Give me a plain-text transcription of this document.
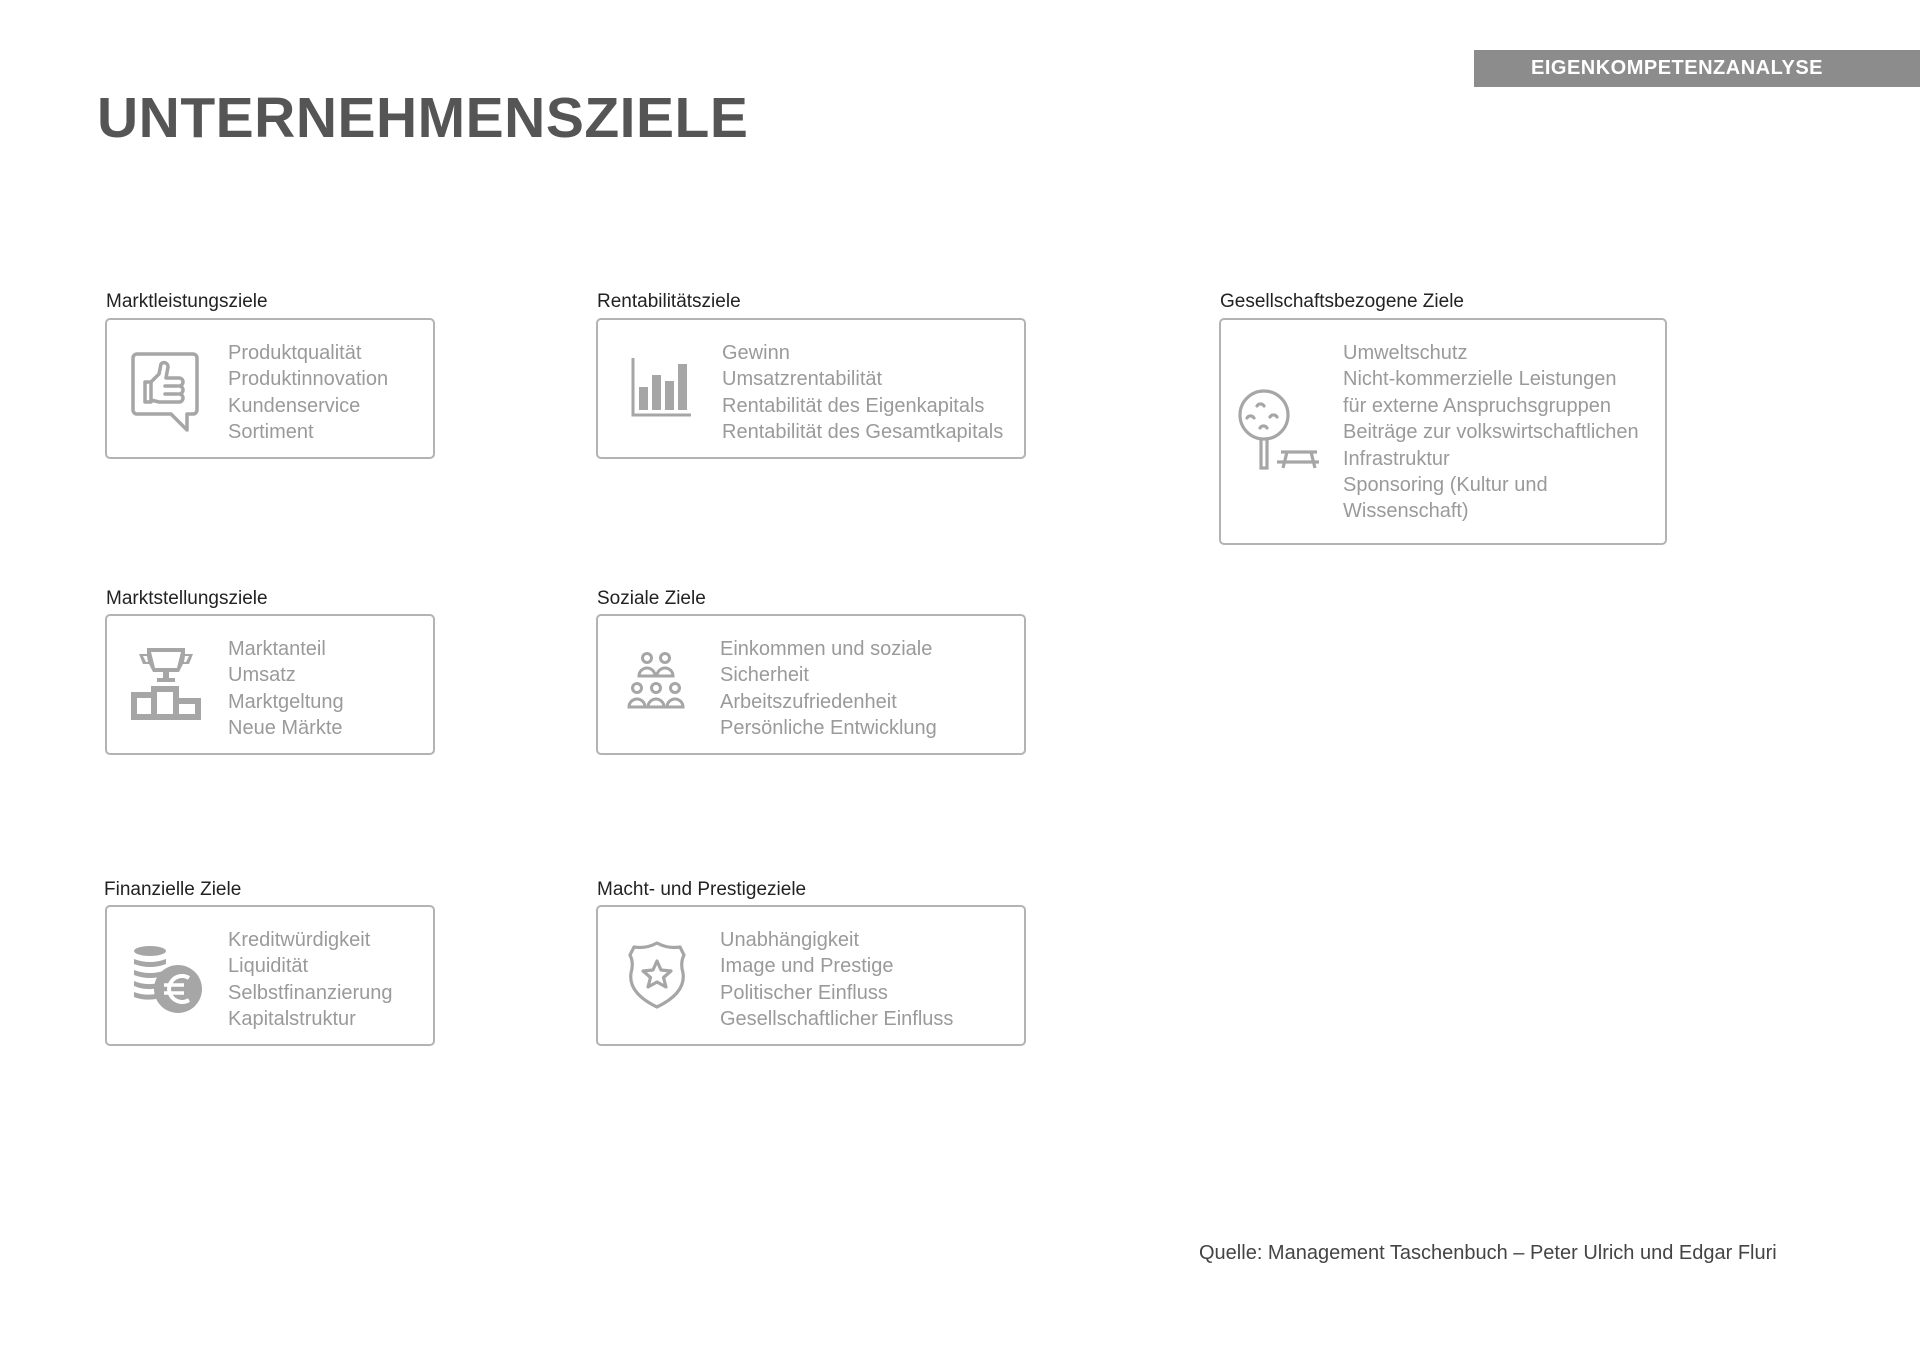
EIGENKOMPETENZANALYSE
UNTERNEHMENSZIELE
Marktleistungsziele
Produktqualität
Produktinnovation
Kundenservice
Sortiment
Rentabilitätsziele
Gewinn
Umsatzrentabilität
Rentabilität des Eigenkapitals
Rentabilität des Gesamtkapitals
Gesellschaftsbezogene Ziele
Umweltschutz
Nicht-kommerzielle Leistungen
für externe Anspruchsgruppen
Beiträge zur volkswirtschaftlichen
Infrastruktur
Sponsoring (Kultur und
Wissenschaft)
Marktstellungsziele
Marktanteil
Umsatz
Marktgeltung
Neue Märkte
Soziale Ziele
Einkommen und soziale
Sicherheit
Arbeitszufriedenheit
Persönliche Entwicklung
Finanzielle Ziele
Kreditwürdigkeit
Liquidität
Selbstfinanzierung
Kapitalstruktur
Macht- und Prestigeziele
Unabhängigkeit
Image und Prestige
Politischer Einfluss
Gesellschaftlicher Einfluss
Quelle: Management Taschenbuch – Peter Ulrich und Edgar Fluri
